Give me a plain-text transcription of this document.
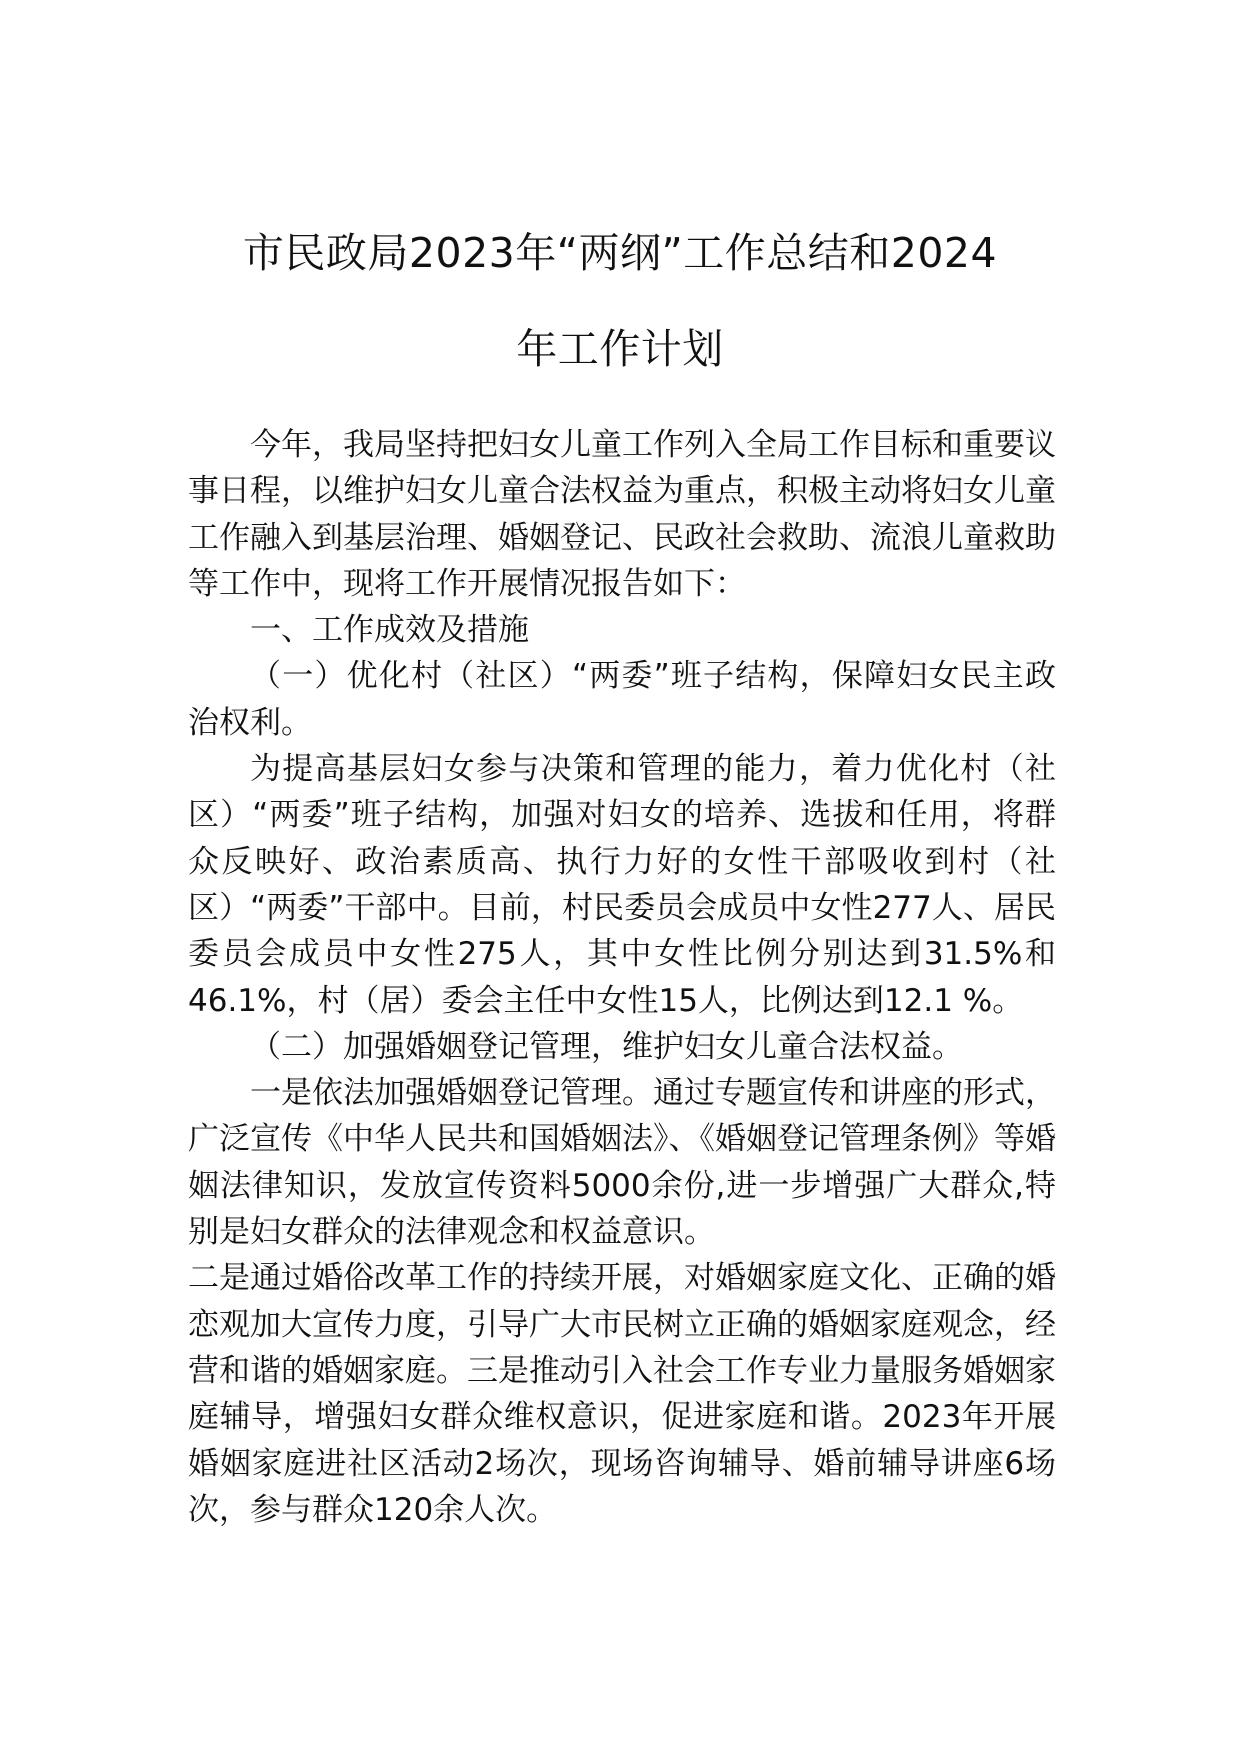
市民政局2023年“两纲”工作总结和2024
年工作计划

今年，我局坚持把妇女儿童工作列入全局工作目标和重要议事日程，以维护妇女儿童合法权益为重点，积极主动将妇女儿童工作融入到基层治理、婚姻登记、民政社会救助、流浪儿童救助等工作中，现将工作开展情况报告如下：

一、工作成效及措施

（一）优化村（社区）“两委”班子结构，保障妇女民主政治权利。

为提高基层妇女参与决策和管理的能力，着力优化村（社区）“两委”班子结构，加强对妇女的培养、选拔和任用，将群众反映好、政治素质高、执行力好的女性干部吸收到村（社区）“两委”干部中。目前，村民委员会成员中女性277人、居民委员会成员中女性275人，其中女性比例分别达到31.5%和46.1%，村（居）委会主任中女性15人，比例达到12.1 %。

（二）加强婚姻登记管理，维护妇女儿童合法权益。

一是依法加强婚姻登记管理。通过专题宣传和讲座的形式，广泛宣传《中华人民共和国婚姻法》、《婚姻登记管理条例》等婚姻法律知识，发放宣传资料5000余份,进一步增强广大群众,特别是妇女群众的法律观念和权益意识。

二是通过婚俗改革工作的持续开展，对婚姻家庭文化、正确的婚恋观加大宣传力度，引导广大市民树立正确的婚姻家庭观念，经营和谐的婚姻家庭。三是推动引入社会工作专业力量服务婚姻家庭辅导，增强妇女群众维权意识，促进家庭和谐。2023年开展婚姻家庭进社区活动2场次，现场咨询辅导、婚前辅导讲座6场次，参与群众120余人次。
